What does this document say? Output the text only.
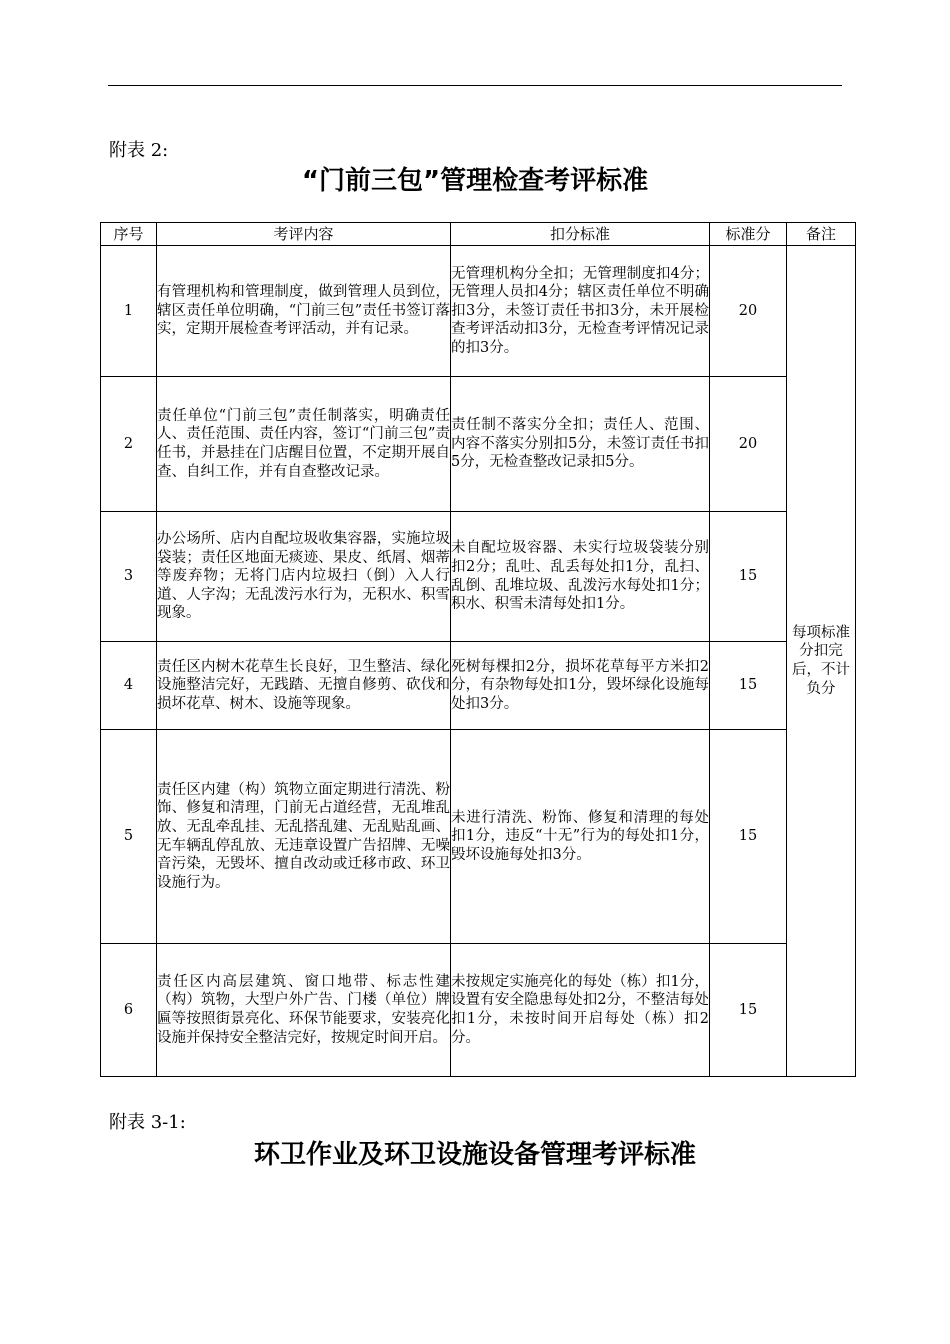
附表 2:
“门前三包”管理检查考评标准
序号	考评内容	扣分标准	标准分	备注
1	有管理机构和管理制度，做到管理人员到位，辖区责任单位明确，“门前三包”责任书签订落实，定期开展检查考评活动，并有记录。	无管理机构分全扣；无管理制度扣4分；无管理人员扣4分；辖区责任单位不明确扣3分，未签订责任书扣3分，未开展检查考评活动扣3分，无检查考评情况记录的扣3分。	20	每项标准分扣完后，不计负分
2	责任单位“门前三包”责任制落实，明确责任人、责任范围、责任内容，签订“门前三包”责任书，并悬挂在门店醒目位置，不定期开展自查、自纠工作，并有自查整改记录。	责任制不落实分全扣；责任人、范围、内容不落实分别扣5分，未签订责任书扣5分，无检查整改记录扣5分。	20	
3	办公场所、店内自配垃圾收集容器，实施垃圾袋装；责任区地面无痰迹、果皮、纸屑、烟蒂等废弃物；无将门店内垃圾扫（倒）入人行道、人字沟；无乱泼污水行为，无积水、积雪现象。	未自配垃圾容器、未实行垃圾袋装分别扣2分；乱吐、乱丢每处扣1分，乱扫、乱倒、乱堆垃圾、乱泼污水每处扣1分；积水、积雪未清每处扣1分。	15	
4	责任区内树木花草生长良好，卫生整洁、绿化设施整洁完好，无践踏、无擅自修剪、砍伐和损坏花草、树木、设施等现象。	死树每棵扣2分，损坏花草每平方米扣2分，有杂物每处扣1分，毁坏绿化设施每处扣3分。	15	
5	责任区内建（构）筑物立面定期进行清洗、粉饰、修复和清理，门前无占道经营，无乱堆乱放、无乱牵乱挂、无乱搭乱建、无乱贴乱画、无车辆乱停乱放、无违章设置广告招牌、无噪音污染，无毁坏、擅自改动或迁移市政、环卫设施行为。	未进行清洗、粉饰、修复和清理的每处扣1分，违反“十无”行为的每处扣1分，毁坏设施每处扣3分。	15	
6	责任区内高层建筑、窗口地带、标志性建（构）筑物，大型户外广告、门楼（单位）牌匾等按照街景亮化、环保节能要求，安装亮化设施并保持安全整洁完好，按规定时间开启。	未按规定实施亮化的每处（栋）扣1分，设置有安全隐患每处扣2分，不整洁每处扣1分，未按时间开启每处（栋）扣2分。	15	
附表 3-1:
环卫作业及环卫设施设备管理考评标准
